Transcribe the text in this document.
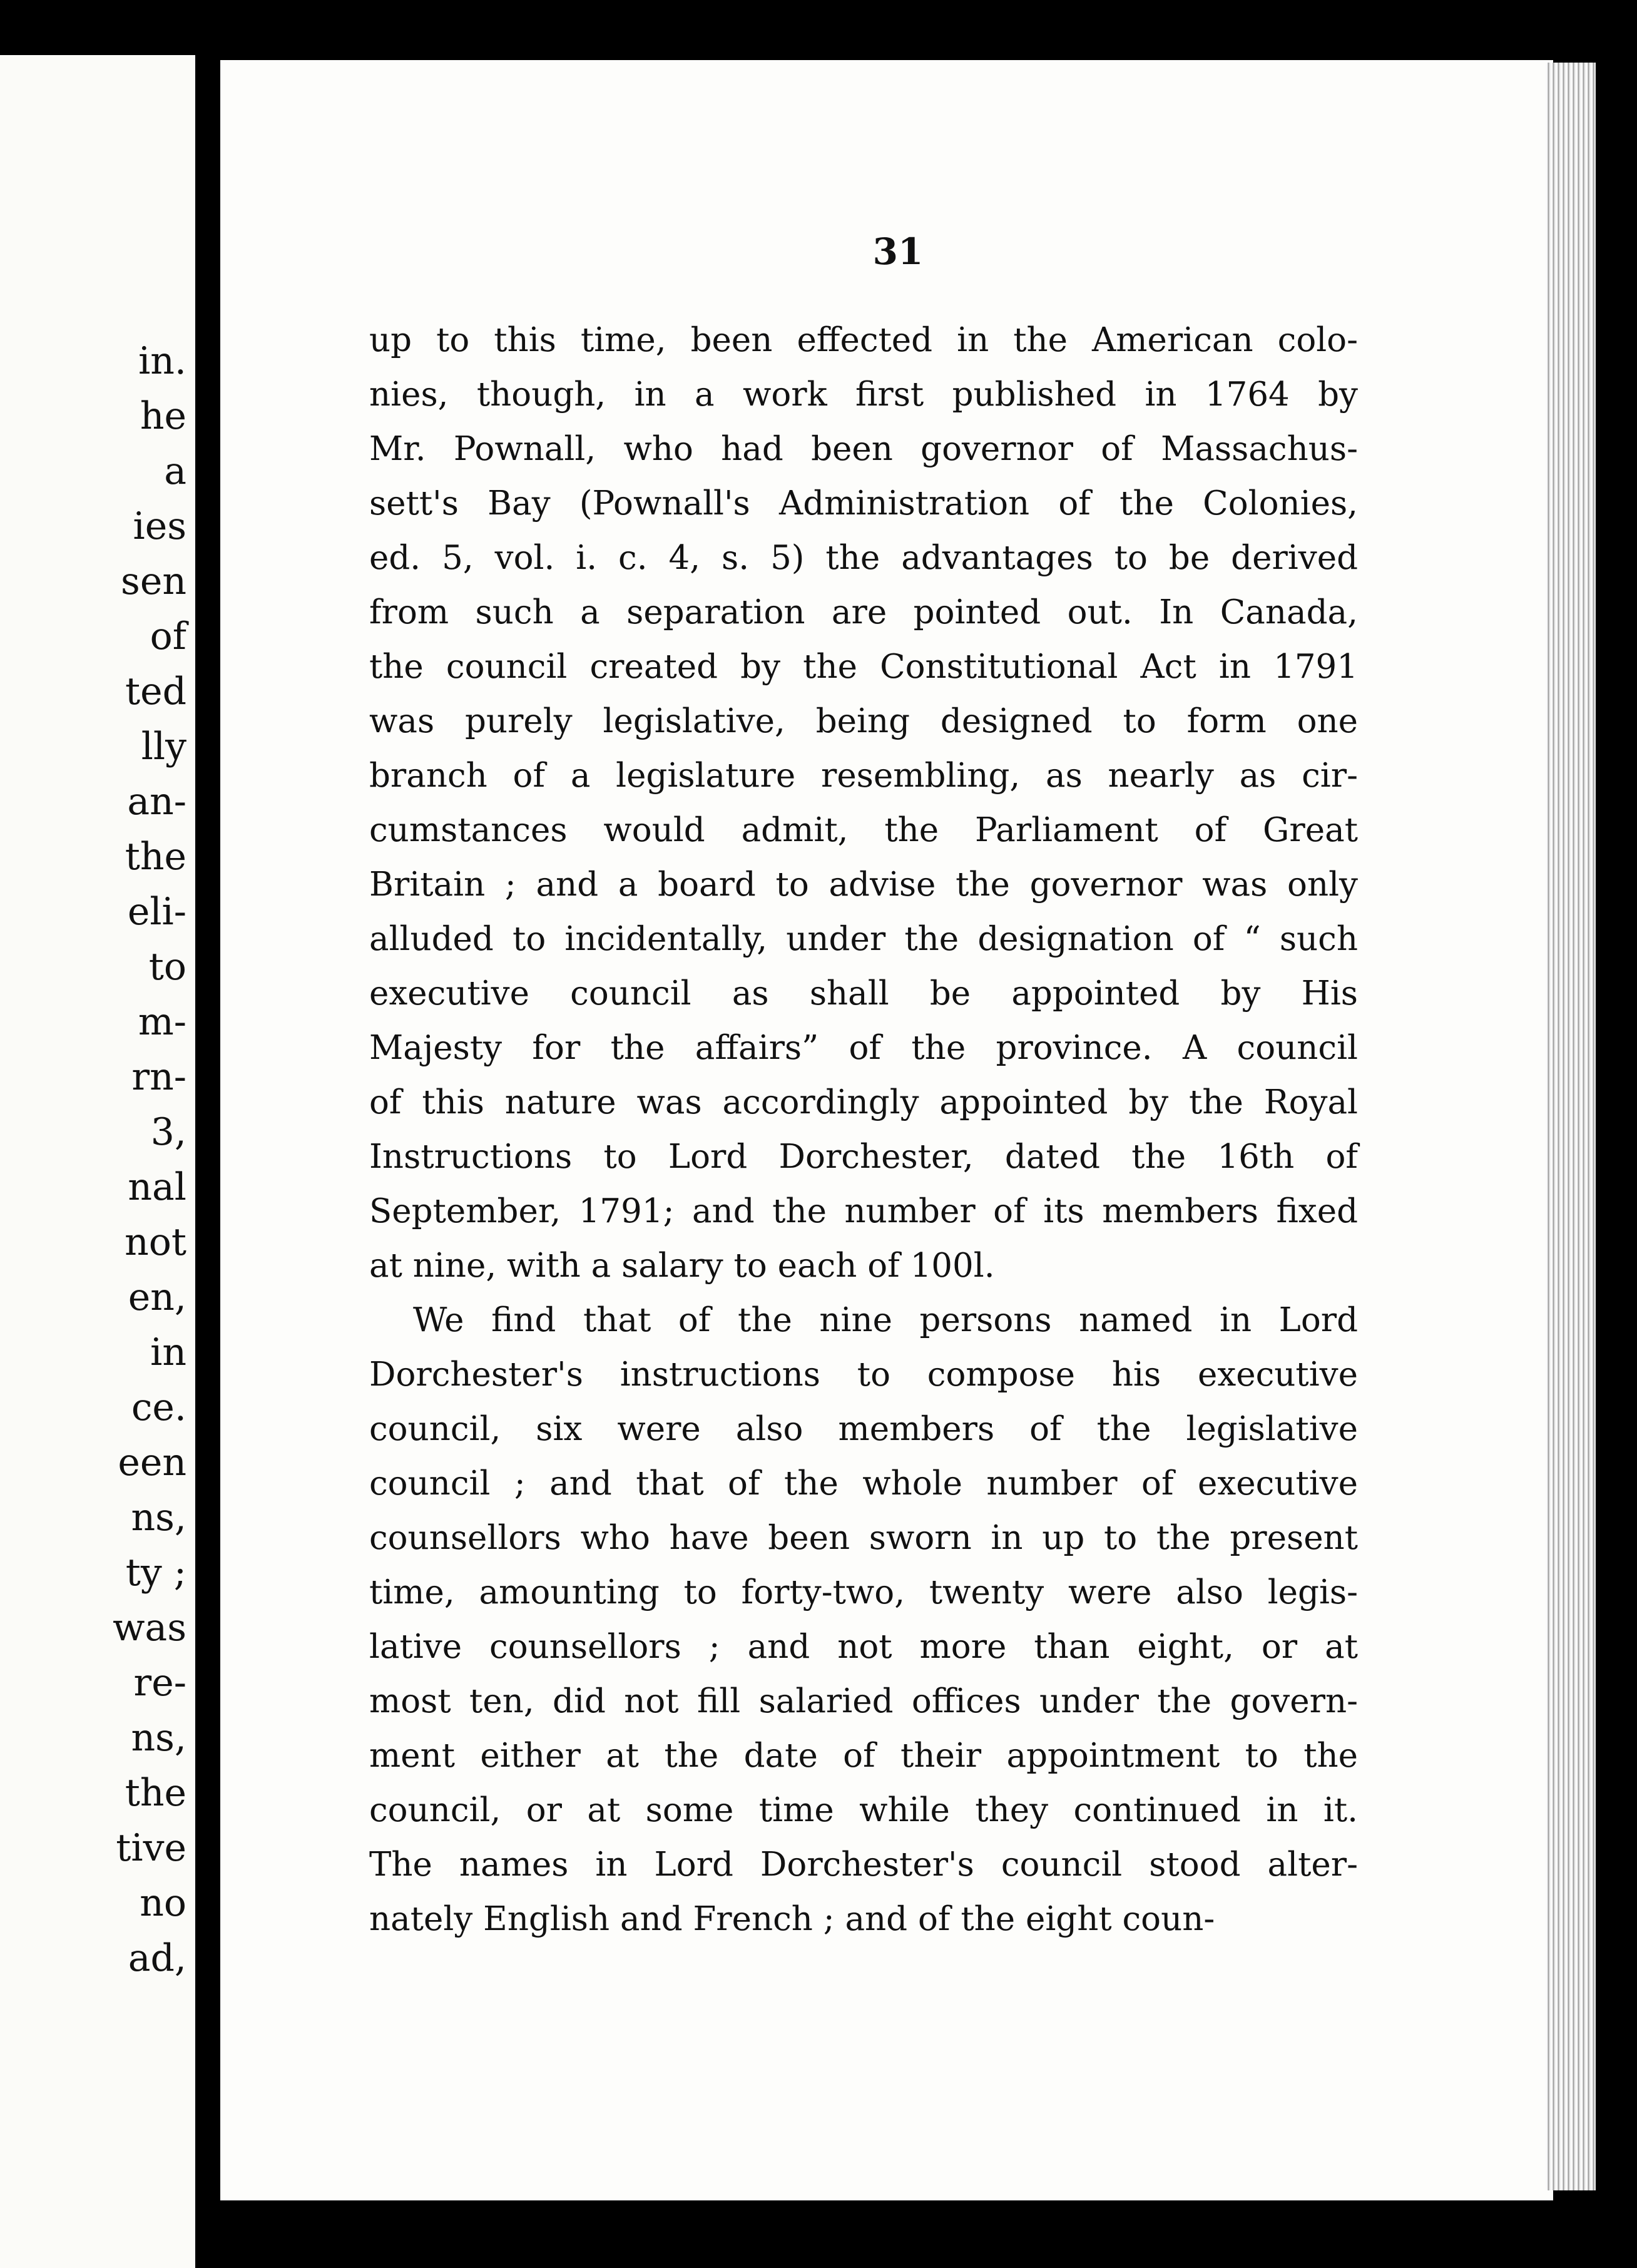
in.
he
a
ies
sen
of
ted
lly
an-
the
eli-
to
m-
rn-
3,
nal
not
en,
in
ce.
een
ns,
ty ;
was
re-
ns,
the
tive
no
ad,
31
up to this time, been effected in the American colo-
nies, though, in a work first published in 1764 by
Mr. Pownall, who had been governor of Massachus-
sett's Bay (Pownall's Administration of the Colonies,
ed. 5, vol. i. c. 4, s. 5) the advantages to be derived
from such a separation are pointed out. In Canada,
the council created by the Constitutional Act in 1791
was purely legislative, being designed to form one
branch of a legislature resembling, as nearly as cir-
cumstances would admit, the Parliament of Great
Britain ; and a board to advise the governor was only
alluded to incidentally, under the designation of “ such
executive council as shall be appointed by His
Majesty for the affairs” of the province. A council
of this nature was accordingly appointed by the Royal
Instructions to Lord Dorchester, dated the 16th of
September, 1791; and the number of its members fixed
at nine, with a salary to each of 100l.
We find that of the nine persons named in Lord
Dorchester's instructions to compose his executive
council, six were also members of the legislative
council ; and that of the whole number of executive
counsellors who have been sworn in up to the present
time, amounting to forty-two, twenty were also legis-
lative counsellors ; and not more than eight, or at
most ten, did not fill salaried offices under the govern-
ment either at the date of their appointment to the
council, or at some time while they continued in it.
The names in Lord Dorchester's council stood alter-
nately English and French ; and of the eight coun-
